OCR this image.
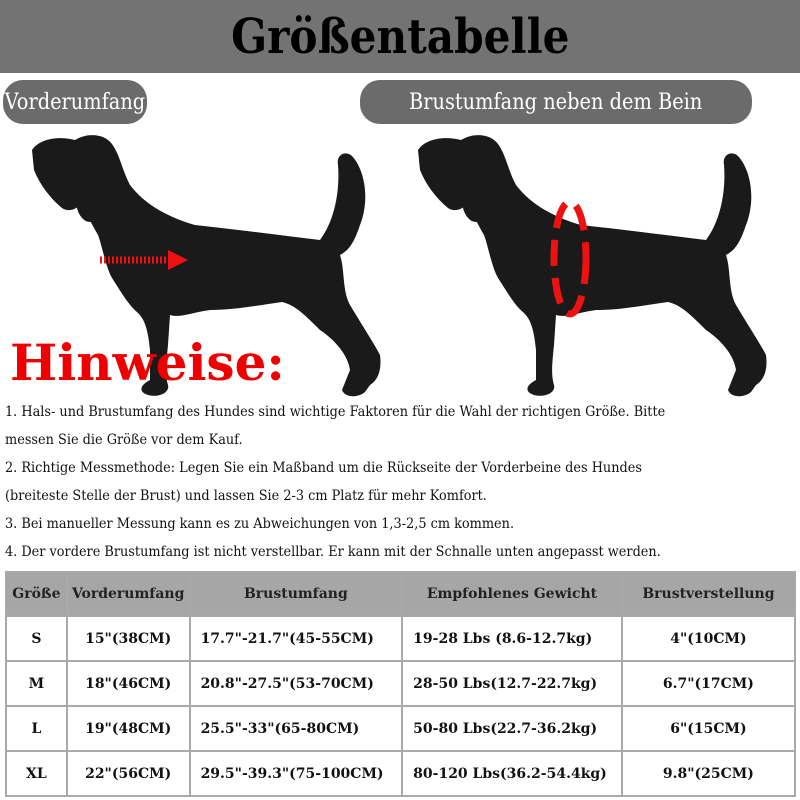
Größentabelle
Vorderumfang	Brustumfang neben dem Bein
Hinweise:

1. Hals- und Brustumfang des Hundes sind wichtige Faktoren für die Wahl der richtigen Größe. Bitte

messen Sie die Größe vor dem Kauf.

2. Richtige Messmethode: Legen Sie ein Maßband um die Rückseite der Vorderbeine des Hundes

(breiteste Stelle der Brust) und lassen Sie 2-3 cm Platz für mehr Komfort.

3. Bei manueller Messung kann es zu Abweichungen von 1,3-2,5 cm kommen.

4. Der vordere Brustumfang ist nicht verstellbar. Er kann mit der Schnalle unten angepasst werden.

Größe	Vorderumfang	Brustumfang	Empfohlenes Gewicht	Brustverstellung
S	15"(38CM)	17.7"-21.7"(45-55CM)	19-28 Lbs (8.6-12.7kg)	4"(10CM)
M	18"(46CM)	20.8"-27.5"(53-70CM)	28-50 Lbs(12.7-22.7kg)	6.7"(17CM)
L	19"(48CM)	25.5"-33"(65-80CM)	50-80 Lbs(22.7-36.2kg)	6"(15CM)
XL	22"(56CM)	29.5"-39.3"(75-100CM)	80-120 Lbs(36.2-54.4kg)	9.8"(25CM)
